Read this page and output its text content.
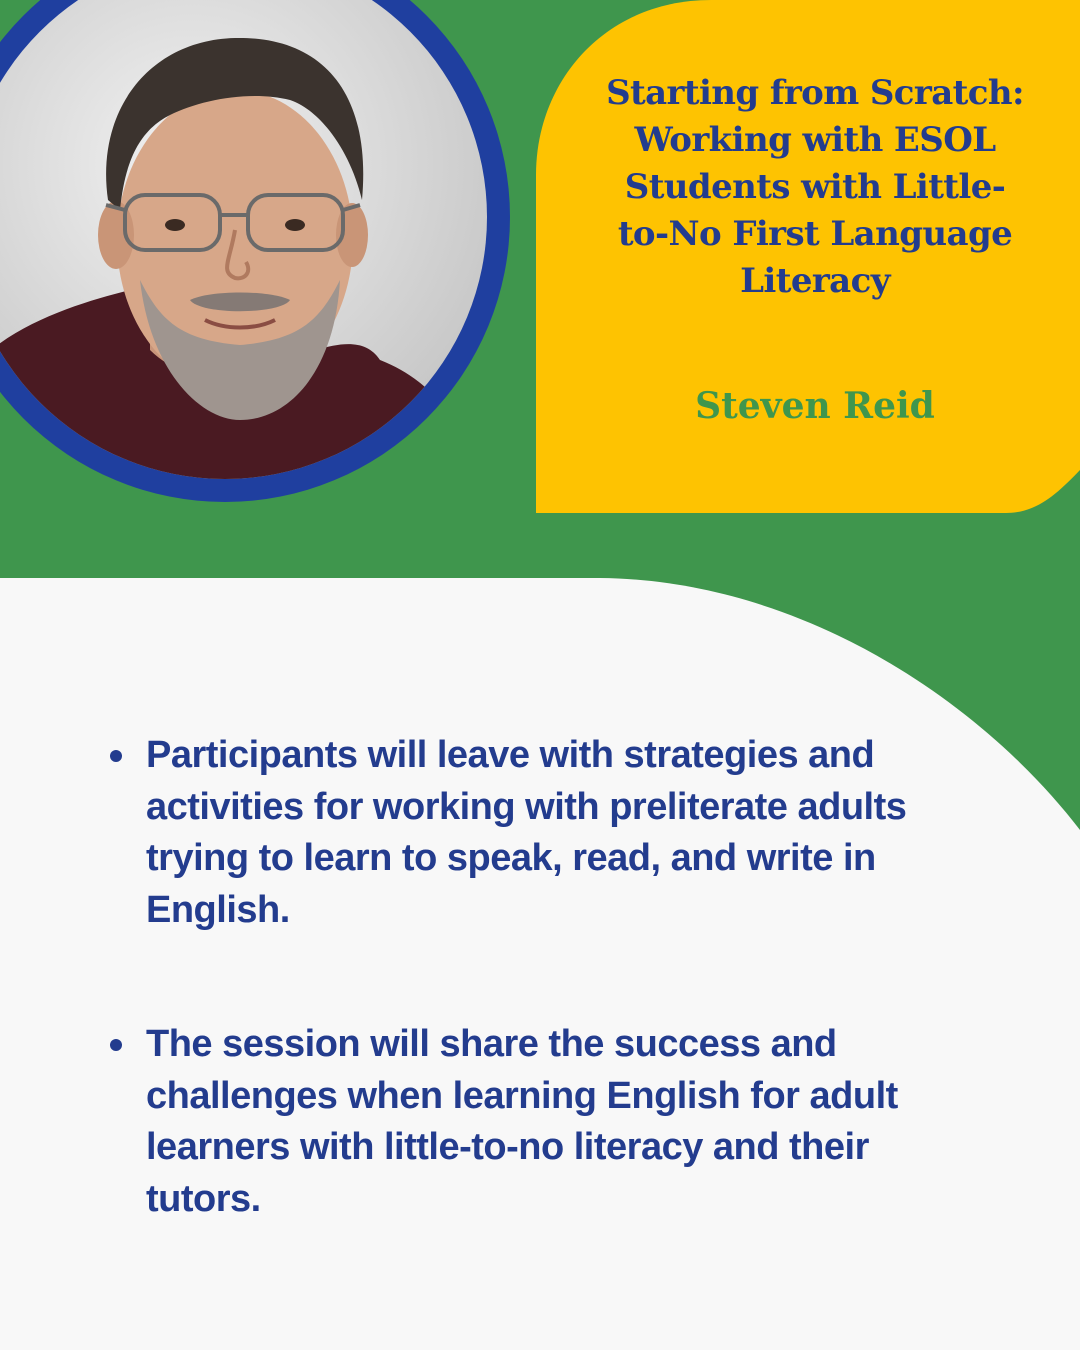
Starting from Scratch: Working with ESOL Students with Little-to-No First Language Literacy
Steven Reid
Participants will leave with strategies and activities for working with preliterate adults trying to learn to speak, read, and write in English.
The session will share the success and challenges when learning English for adult learners with little-to-no literacy and their tutors.
